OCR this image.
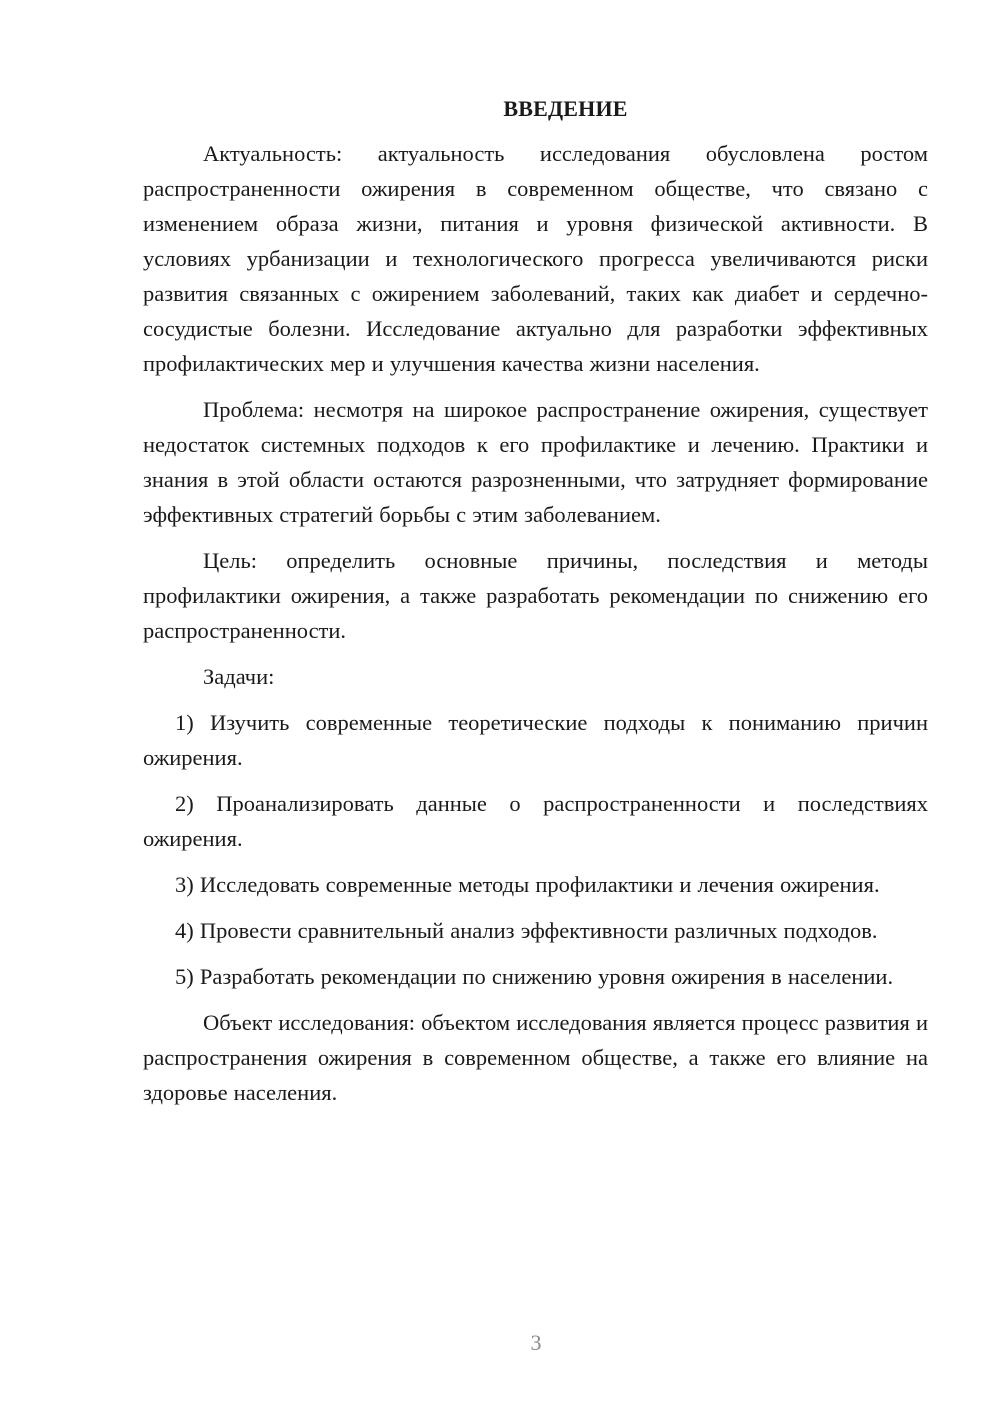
ВВЕДЕНИЕ

Актуальность: актуальность исследования обусловлена ростом распространенности ожирения в современном обществе, что связано с изменением образа жизни, питания и уровня физической активности. В условиях урбанизации и технологического прогресса увеличиваются риски развития связанных с ожирением заболеваний, таких как диабет и сердечно-сосудистые болезни. Исследование актуально для разработки эффективных профилактических мер и улучшения качества жизни населения.

Проблема: несмотря на широкое распространение ожирения, существует недостаток системных подходов к его профилактике и лечению. Практики и знания в этой области остаются разрозненными, что затрудняет формирование эффективных стратегий борьбы с этим заболеванием.

Цель: определить основные причины, последствия и методы профилактики ожирения, а также разработать рекомендации по снижению его распространенности.

Задачи:

1) Изучить современные теоретические подходы к пониманию причин ожирения.

2) Проанализировать данные о распространенности и последствиях ожирения.

3) Исследовать современные методы профилактики и лечения ожирения.

4) Провести сравнительный анализ эффективности различных подходов.

5) Разработать рекомендации по снижению уровня ожирения в населении.

Объект исследования: объектом исследования является процесс развития и распространения ожирения в современном обществе, а также его влияние на здоровье населения.

3
